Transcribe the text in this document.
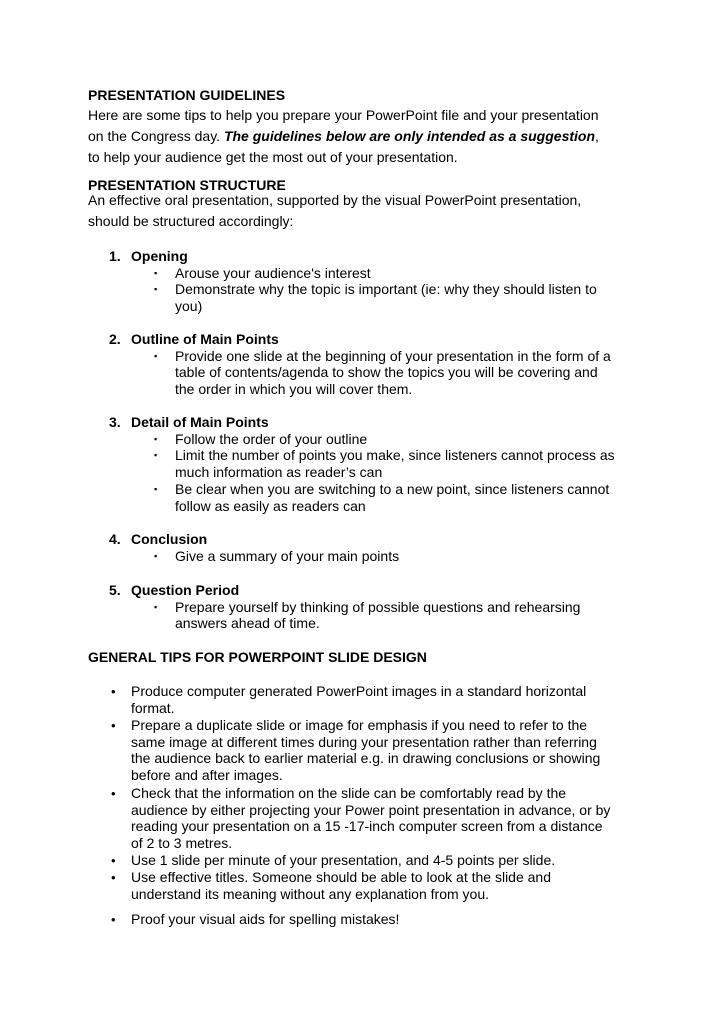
PRESENTATION GUIDELINES
Here are some tips to help you prepare your PowerPoint file and your presentation
on the Congress day. The guidelines below are only intended as a suggestion,
to help your audience get the most out of your presentation.
PRESENTATION STRUCTURE
An effective oral presentation, supported by the visual PowerPoint presentation,
should be structured accordingly:
1. Opening
▪ Arouse your audience's interest
▪ Demonstrate why the topic is important (ie: why they should listen to
you)
2. Outline of Main Points
▪ Provide one slide at the beginning of your presentation in the form of a
table of contents/agenda to show the topics you will be covering and
the order in which you will cover them.
3. Detail of Main Points
▪ Follow the order of your outline
▪ Limit the number of points you make, since listeners cannot process as
much information as reader’s can
▪ Be clear when you are switching to a new point, since listeners cannot
follow as easily as readers can
4. Conclusion
▪ Give a summary of your main points
5. Question Period
▪ Prepare yourself by thinking of possible questions and rehearsing
answers ahead of time.
GENERAL TIPS FOR POWERPOINT SLIDE DESIGN
• Produce computer generated PowerPoint images in a standard horizontal
format.
• Prepare a duplicate slide or image for emphasis if you need to refer to the
same image at different times during your presentation rather than referring
the audience back to earlier material e.g. in drawing conclusions or showing
before and after images.
• Check that the information on the slide can be comfortably read by the
audience by either projecting your Power point presentation in advance, or by
reading your presentation on a 15 -17-inch computer screen from a distance
of 2 to 3 metres.
• Use 1 slide per minute of your presentation, and 4-5 points per slide.
• Use effective titles. Someone should be able to look at the slide and
understand its meaning without any explanation from you.
• Proof your visual aids for spelling mistakes!
